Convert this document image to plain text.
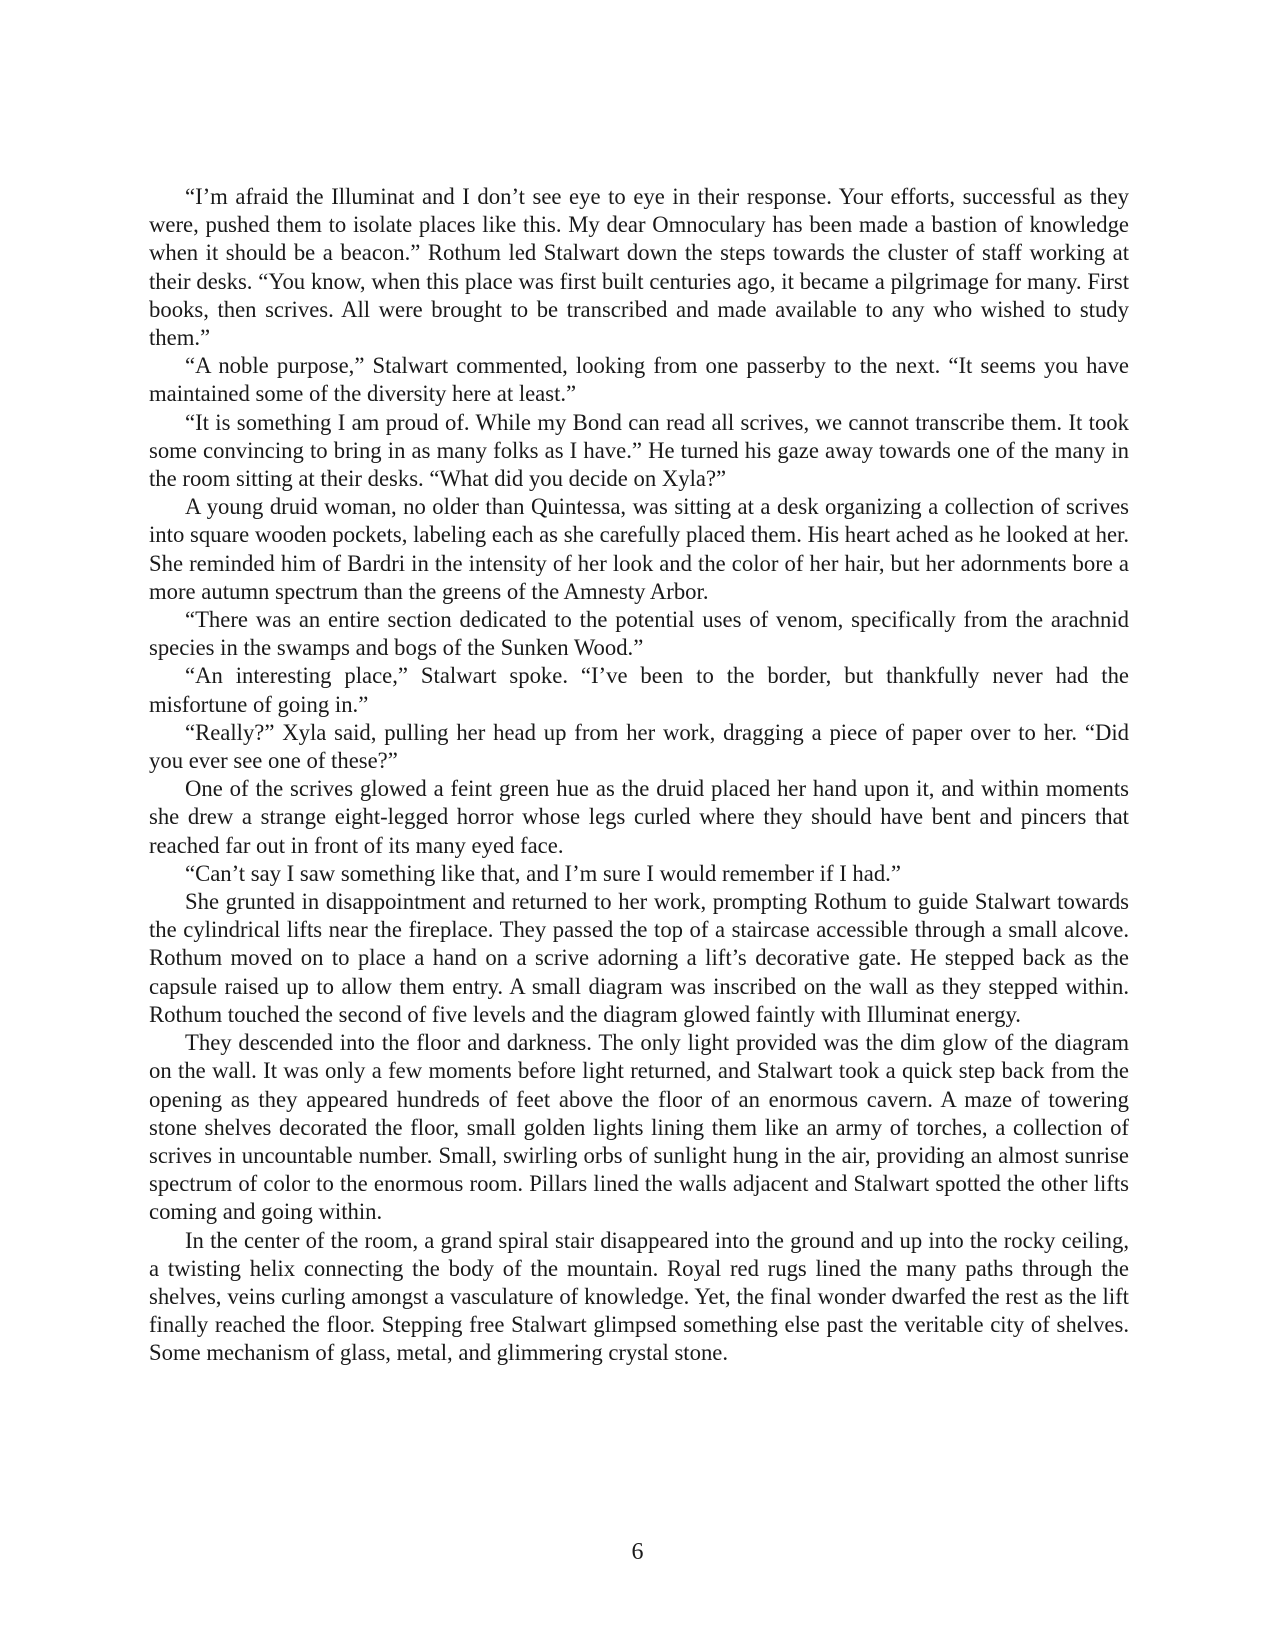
“I’m afraid the Illuminat and I don’t see eye to eye in their response. Your efforts, successful as they were, pushed them to isolate places like this. My dear Omnoculary has been made a bastion of knowledge when it should be a beacon.” Rothum led Stalwart down the steps towards the cluster of staff working at their desks. “You know, when this place was first built centuries ago, it became a pilgrimage for many. First books, then scrives. All were brought to be transcribed and made available to any who wished to study them.”

“A noble purpose,” Stalwart commented, looking from one passerby to the next. “It seems you have maintained some of the diversity here at least.”

“It is something I am proud of. While my Bond can read all scrives, we cannot transcribe them. It took some convincing to bring in as many folks as I have.” He turned his gaze away towards one of the many in the room sitting at their desks. “What did you decide on Xyla?”

A young druid woman, no older than Quintessa, was sitting at a desk organizing a collection of scrives into square wooden pockets, labeling each as she carefully placed them. His heart ached as he looked at her. She reminded him of Bardri in the intensity of her look and the color of her hair, but her adornments bore a more autumn spectrum than the greens of the Amnesty Arbor.

“There was an entire section dedicated to the potential uses of venom, specifically from the arachnid species in the swamps and bogs of the Sunken Wood.”

“An interesting place,” Stalwart spoke. “I’ve been to the border, but thankfully never had the misfortune of going in.”

“Really?” Xyla said, pulling her head up from her work, dragging a piece of paper over to her. “Did you ever see one of these?”

One of the scrives glowed a feint green hue as the druid placed her hand upon it, and within moments she drew a strange eight-legged horror whose legs curled where they should have bent and pincers that reached far out in front of its many eyed face.

“Can’t say I saw something like that, and I’m sure I would remember if I had.”

She grunted in disappointment and returned to her work, prompting Rothum to guide Stalwart towards the cylindrical lifts near the fireplace. They passed the top of a staircase accessible through a small alcove. Rothum moved on to place a hand on a scrive adorning a lift’s decorative gate. He stepped back as the capsule raised up to allow them entry. A small diagram was inscribed on the wall as they stepped within. Rothum touched the second of five levels and the diagram glowed faintly with Illuminat energy.

They descended into the floor and darkness. The only light provided was the dim glow of the diagram on the wall. It was only a few moments before light returned, and Stalwart took a quick step back from the opening as they appeared hundreds of feet above the floor of an enormous cavern. A maze of towering stone shelves decorated the floor, small golden lights lining them like an army of torches, a collection of scrives in uncountable number. Small, swirling orbs of sunlight hung in the air, providing an almost sunrise spectrum of color to the enormous room. Pillars lined the walls adjacent and Stalwart spotted the other lifts coming and going within.

In the center of the room, a grand spiral stair disappeared into the ground and up into the rocky ceiling, a twisting helix connecting the body of the mountain. Royal red rugs lined the many paths through the shelves, veins curling amongst a vasculature of knowledge. Yet, the final wonder dwarfed the rest as the lift finally reached the floor. Stepping free Stalwart glimpsed something else past the veritable city of shelves. Some mechanism of glass, metal, and glimmering crystal stone.

6
